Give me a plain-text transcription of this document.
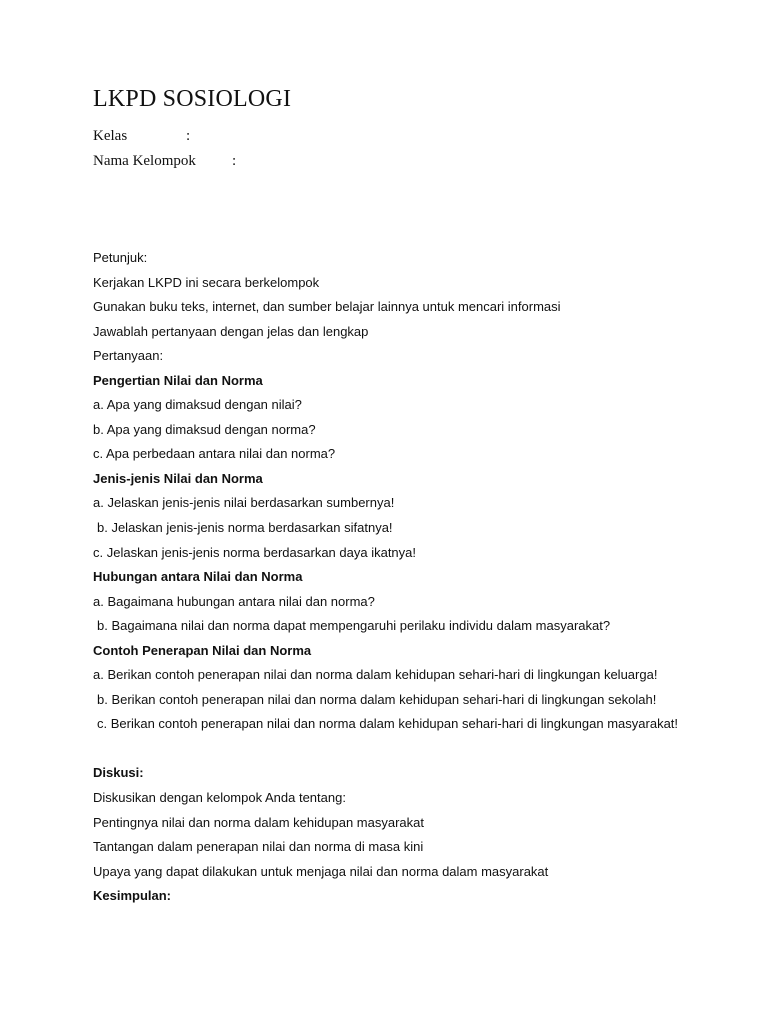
LKPD SOSIOLOGI
Kelas	:
Nama Kelompok :
Petunjuk:
Kerjakan LKPD ini secara berkelompok
Gunakan buku teks, internet, dan sumber belajar lainnya untuk mencari informasi
Jawablah pertanyaan dengan jelas dan lengkap
Pertanyaan:
Pengertian Nilai dan Norma
a. Apa yang dimaksud dengan nilai?
b. Apa yang dimaksud dengan norma?
c. Apa perbedaan antara nilai dan norma?
Jenis-jenis Nilai dan Norma
a. Jelaskan jenis-jenis nilai berdasarkan sumbernya!
b. Jelaskan jenis-jenis norma berdasarkan sifatnya!
c. Jelaskan jenis-jenis norma berdasarkan daya ikatnya!
Hubungan antara Nilai dan Norma
a. Bagaimana hubungan antara nilai dan norma?
b. Bagaimana nilai dan norma dapat mempengaruhi perilaku individu dalam masyarakat?
Contoh Penerapan Nilai dan Norma
a. Berikan contoh penerapan nilai dan norma dalam kehidupan sehari-hari di lingkungan keluarga!
b. Berikan contoh penerapan nilai dan norma dalam kehidupan sehari-hari di lingkungan sekolah!
c. Berikan contoh penerapan nilai dan norma dalam kehidupan sehari-hari di lingkungan masyarakat!
Diskusi:
Diskusikan dengan kelompok Anda tentang:
Pentingnya nilai dan norma dalam kehidupan masyarakat
Tantangan dalam penerapan nilai dan norma di masa kini
Upaya yang dapat dilakukan untuk menjaga nilai dan norma dalam masyarakat
Kesimpulan:
